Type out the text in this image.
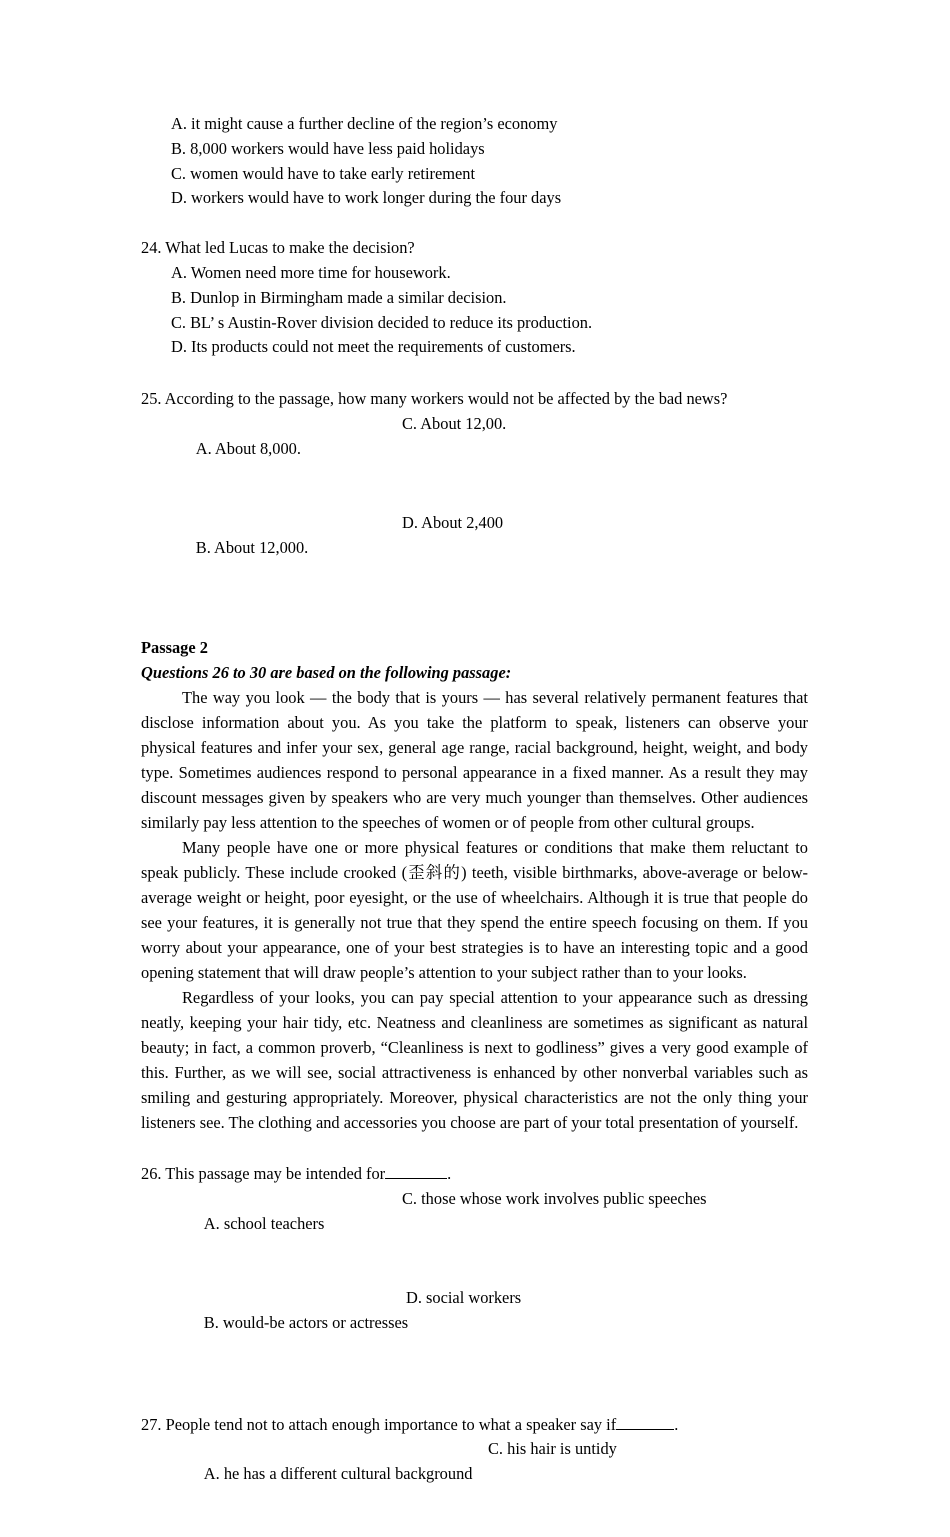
A. it might cause a further decline of the region’s economy
B. 8,000 workers would have less paid holidays
C. women would have to take early retirement
D. workers would have to work longer during the four days
24. What led Lucas to make the decision?
A. Women need more time for housework.
B. Dunlop in Birmingham made a similar decision.
C. BL’ s Austin-Rover division decided to reduce its production.
D. Its products could not meet the requirements of customers.
25. According to the passage, how many workers would not be affected by the bad news?

A. About 8,000.

C. About 12,00.

B. About 12,000.

D. About 2,400

Passage 2
Questions 26 to 30 are based on the following passage:

The way you look — the body that is yours — has several relatively permanent features that disclose information about you. As you take the platform to speak, listeners can observe your physical features and infer your sex, general age range, racial background, height, weight, and body type. Sometimes audiences respond to personal appearance in a fixed manner. As a result they may discount messages given by speakers who are very much younger than themselves. Other audiences similarly pay less attention to the speeches of women or of people from other cultural groups.

Many people have one or more physical features or conditions that make them reluctant to speak publicly. These include crooked (歪斜的) teeth, visible birthmarks, above-average or below-average weight or height, poor eyesight, or the use of wheelchairs. Although it is true that people do see your features, it is generally not true that they spend the entire speech focusing on them. If you worry about your appearance, one of your best strategies is to have an interesting topic and a good opening statement that will draw people’s attention to your subject rather than to your looks.

Regardless of your looks, you can pay special attention to your appearance such as dressing neatly, keeping your hair tidy, etc. Neatness and cleanliness are sometimes as significant as natural beauty; in fact, a common proverb, “Cleanliness is next to godliness” gives a very good example of this. Further, as we will see, social attractiveness is enhanced by other nonverbal variables such as smiling and gesturing appropriately. Moreover, physical characteristics are not the only thing your listeners see. The clothing and accessories you choose are part of your total presentation of yourself.

26. This passage may be intended for	.

A. school teachers

C. those whose work involves public speeches

B. would-be actors or actresses

D. social workers

27. People tend not to attach enough importance to what a speaker say if	.

A. he has a different cultural background

C. his hair is untidy
